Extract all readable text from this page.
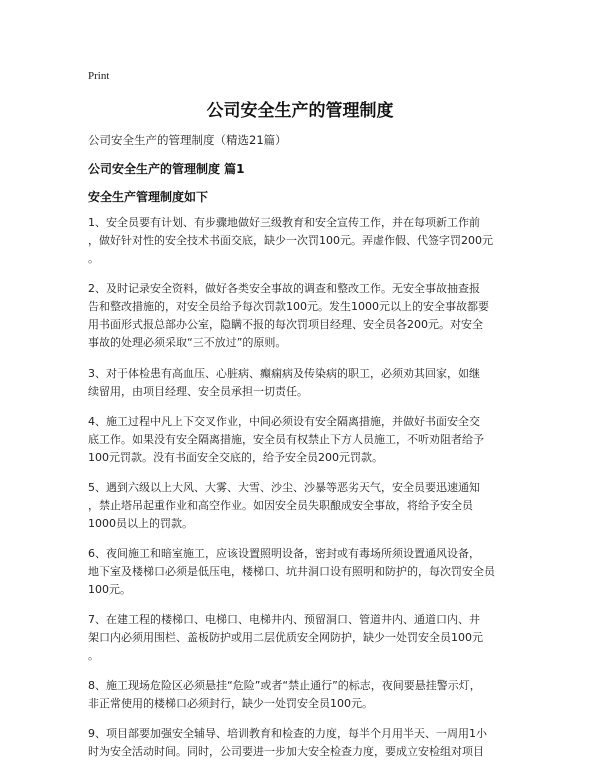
Print
公司安全生产的管理制度
公司安全生产的管理制度（精选21篇）
公司安全生产的管理制度 篇1
安全生产管理制度如下

1、安全员要有计划、有步骤地做好三级教育和安全宣传工作，并在每项新工作前
，做好针对性的安全技术书面交底，缺少一次罚100元。弄虚作假、代签字罚200元
。

2、及时记录安全资料，做好各类安全事故的调查和整改工作。无安全事故抽查报
告和整改措施的，对安全员给予每次罚款100元。发生1000元以上的安全事故都要
用书面形式报总部办公室，隐瞒不报的每次罚项目经理、安全员各200元。对安全
事故的处理必须采取“三不放过”的原则。

3、对于体检患有高血压、心脏病、癫痫病及传染病的职工，必须劝其回家，如继
续留用，由项目经理、安全员承担一切责任。

4、施工过程中凡上下交叉作业，中间必须设有安全隔离措施，并做好书面安全交
底工作。如果没有安全隔离措施，安全员有权禁止下方人员施工，不听劝阻者给予
100元罚款。没有书面安全交底的，给予安全员200元罚款。

5、遇到六级以上大风、大雾、大雪、沙尘、沙暴等恶劣天气，安全员要迅速通知
，禁止塔吊起重作业和高空作业。如因安全员失职酿成安全事故，将给予安全员
1000员以上的罚款。

6、夜间施工和暗室施工，应该设置照明设备，密封或有毒场所须设置通风设备，
地下室及楼梯口必须是低压电，楼梯口、坑井洞口设有照明和防护的，每次罚安全员
100元。

7、在建工程的楼梯口、电梯口、电梯井内、预留洞口、管道井内、通道口内、井
架口内必须用围栏、盖板防护或用二层优质安全网防护，缺少一处罚安全员100元
。

8、施工现场危险区必须悬挂“危险”或者“禁止通行”的标志，夜间要悬挂警示灯，
非正常使用的楼梯口必须封行，缺少一处罚安全员100元。

9、项目部要加强安全辅导、培训教育和检查的力度，每半个月用半天、一周用1小
时为安全活动时间。同时，公司要进一步加大安全检查力度，要成立安检组对项目
